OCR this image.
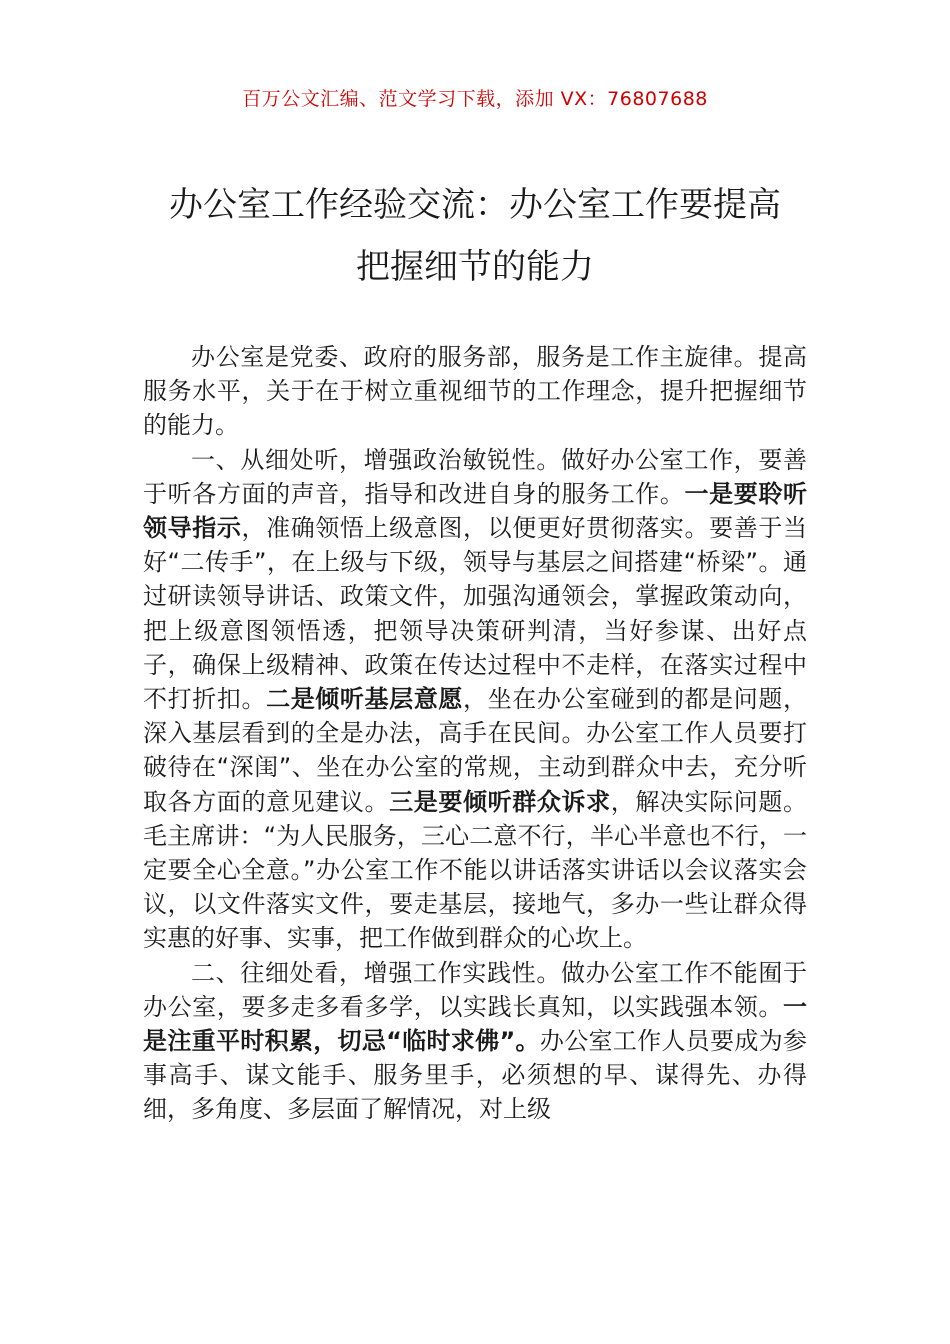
百万公文汇编、范文学习下载，添加 VX：76807688
办公室工作经验交流：办公室工作要提高
把握细节的能力

办公室是党委、政府的服务部，服务是工作主旋律。提高服务水平，关于在于树立重视细节的工作理念，提升把握细节的能力。

一、从细处听，增强政治敏锐性。做好办公室工作，要善于听各方面的声音，指导和改进自身的服务工作。一是要聆听领导指示，准确领悟上级意图，以便更好贯彻落实。要善于当好“二传手”，在上级与下级，领导与基层之间搭建“桥梁”。通过研读领导讲话、政策文件，加强沟通领会，掌握政策动向，把上级意图领悟透，把领导决策研判清，当好参谋、出好点子，确保上级精神、政策在传达过程中不走样，在落实过程中不打折扣。二是倾听基层意愿，坐在办公室碰到的都是问题，深入基层看到的全是办法，高手在民间。办公室工作人员要打破待在“深闺”、坐在办公室的常规，主动到群众中去，充分听取各方面的意见建议。三是要倾听群众诉求，解决实际问题。毛主席讲：“为人民服务，三心二意不行，半心半意也不行，一定要全心全意。”办公室工作不能以讲话落实讲话以会议落实会议，以文件落实文件，要走基层，接地气，多办一些让群众得实惠的好事、实事，把工作做到群众的心坎上。

二、往细处看，增强工作实践性。做办公室工作不能囿于办公室，要多走多看多学，以实践长真知，以实践强本领。一是注重平时积累，切忌“临时求佛”。办公室工作人员要成为参事高手、谋文能手、服务里手，必须想的早、谋得先、办得细，多角度、多层面了解情况，对上级
